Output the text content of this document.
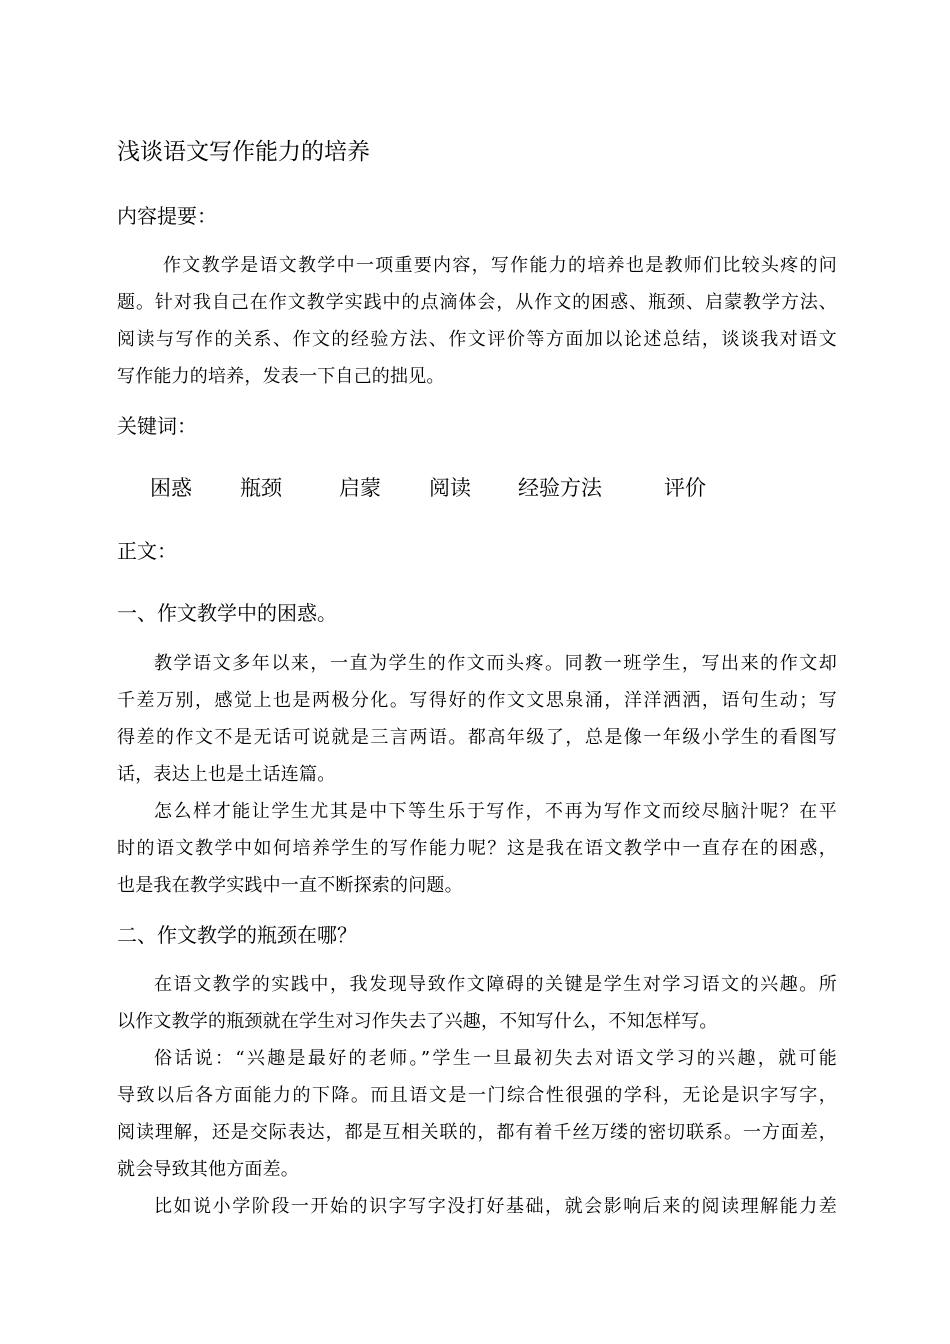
浅谈语文写作能力的培养
内容提要：
作文教学是语文教学中一项重要内容，写作能力的培养也是教师们比较头疼的问
题。针对我自己在作文教学实践中的点滴体会，从作文的困惑、瓶颈、启蒙教学方法、
阅读与写作的关系、作文的经验方法、作文评价等方面加以论述总结，谈谈我对语文
写作能力的培养，发表一下自己的拙见。
关键词：
困惑 瓶颈	启蒙 阅读 经验方法	评价
正文：
一、作文教学中的困惑。
教学语文多年以来，一直为学生的作文而头疼。同教一班学生，写出来的作文却
千差万别，感觉上也是两极分化。写得好的作文文思泉涌，洋洋洒洒，语句生动；写
得差的作文不是无话可说就是三言两语。都高年级了，总是像一年级小学生的看图写
话，表达上也是土话连篇。
怎么样才能让学生尤其是中下等生乐于写作，不再为写作文而绞尽脑汁呢？在平
时的语文教学中如何培养学生的写作能力呢？这是我在语文教学中一直存在的困惑，
也是我在教学实践中一直不断探索的问题。
二、作文教学的瓶颈在哪？
在语文教学的实践中，我发现导致作文障碍的关键是学生对学习语文的兴趣。所
以作文教学的瓶颈就在学生对习作失去了兴趣，不知写什么，不知怎样写。
俗话说：“兴趣是最好的老师。”学生一旦最初失去对语文学习的兴趣，就可能
导致以后各方面能力的下降。而且语文是一门综合性很强的学科，无论是识字写字，
阅读理解，还是交际表达，都是互相关联的，都有着千丝万缕的密切联系。一方面差，
就会导致其他方面差。
比如说小学阶段一开始的识字写字没打好基础，就会影响后来的阅读理解能力差
